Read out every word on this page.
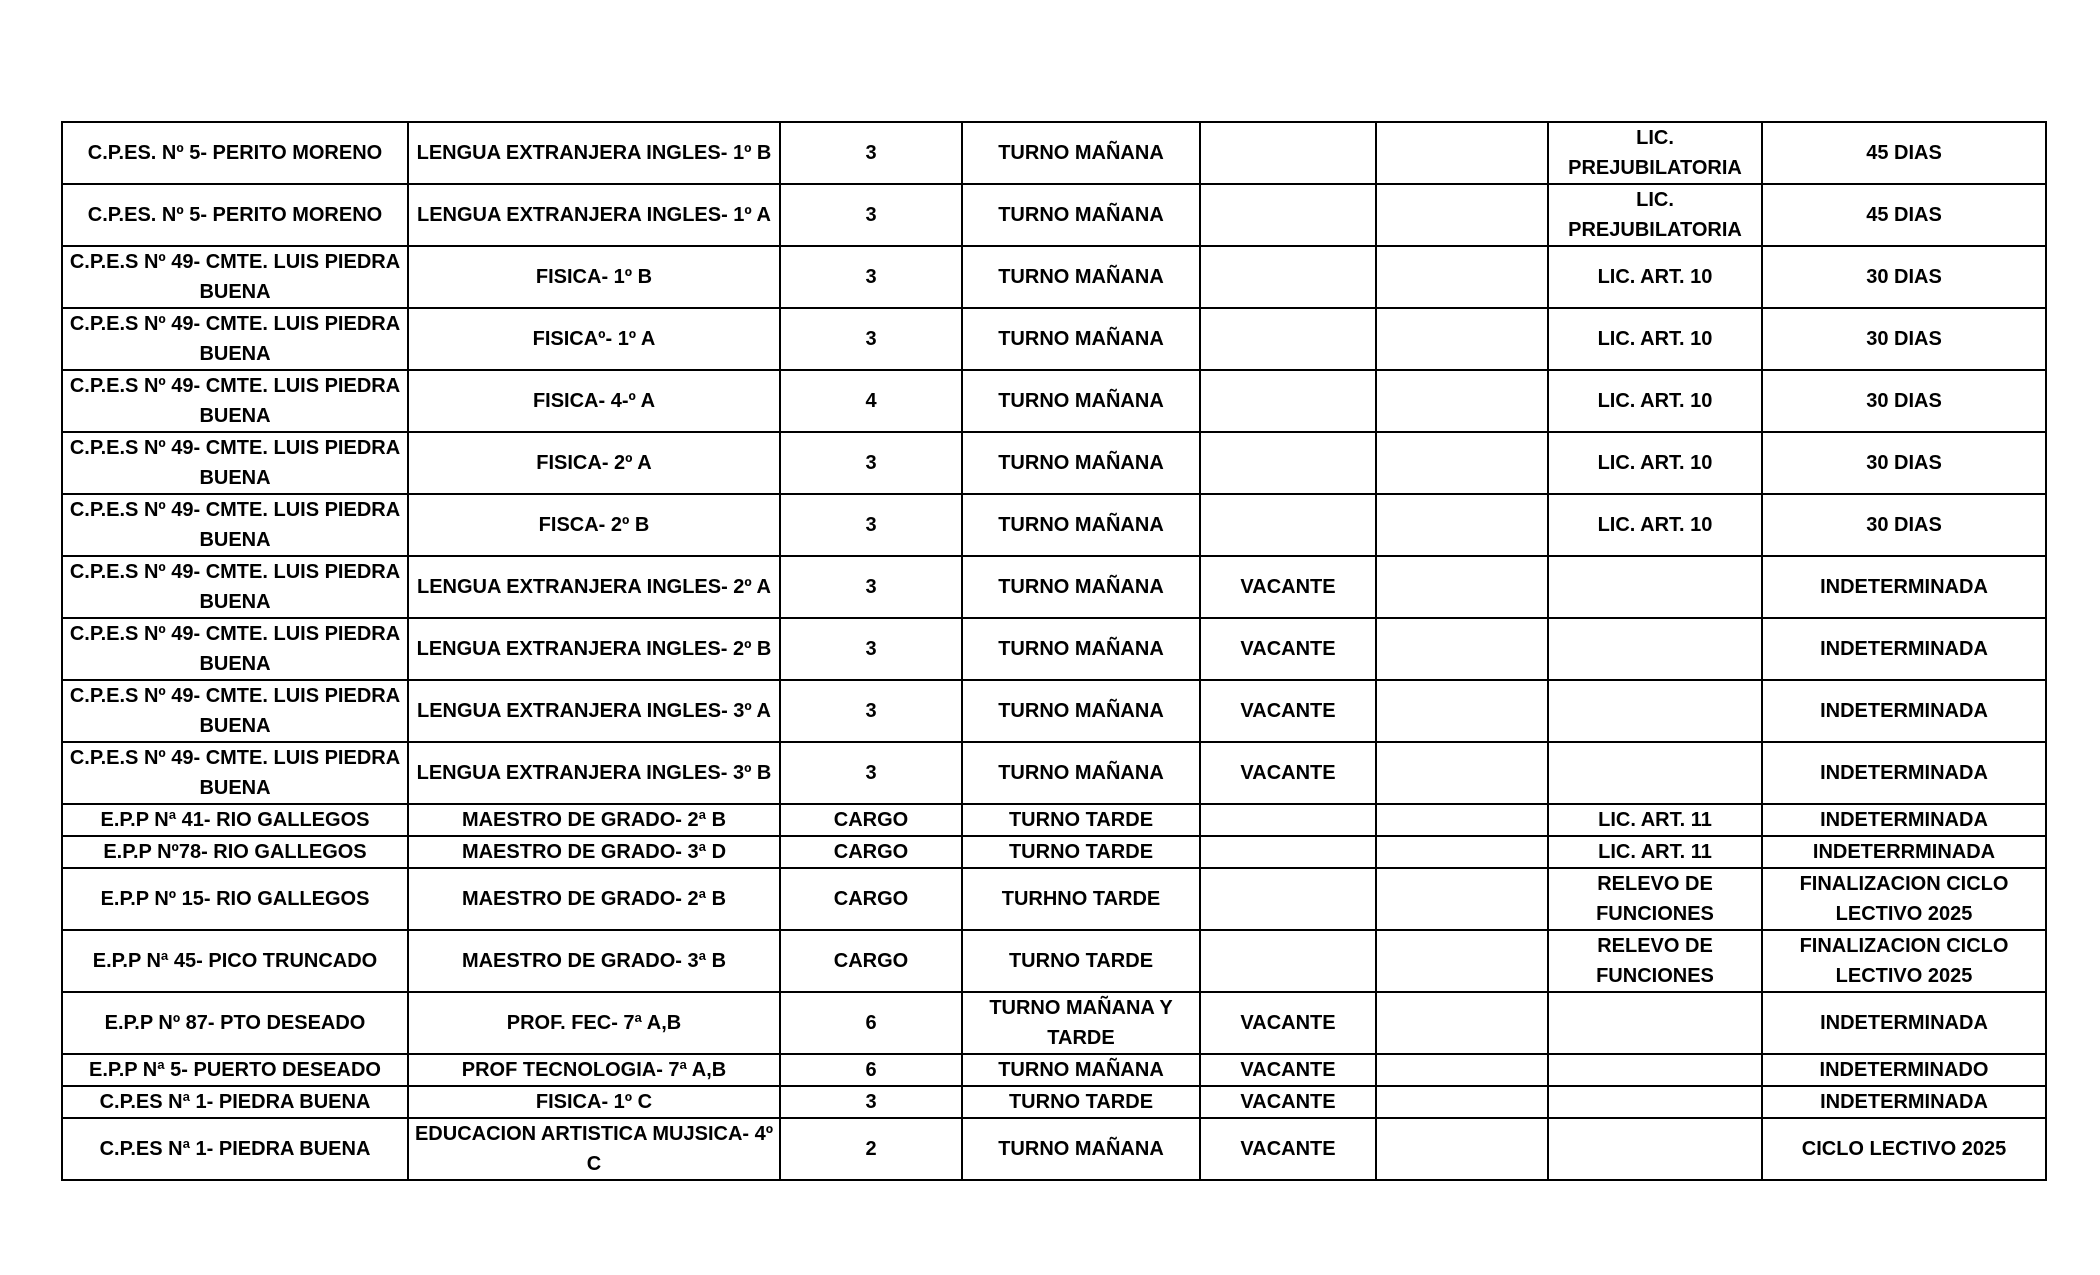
C.P.ES. Nº 5- PERITO MORENO	LENGUA EXTRANJERA INGLES- 1º B	3	TURNO MAÑANA			LIC. PREJUBILATORIA	45 DIAS
C.P.ES. Nº 5- PERITO MORENO	LENGUA EXTRANJERA INGLES- 1º A	3	TURNO MAÑANA			LIC. PREJUBILATORIA	45 DIAS
C.P.E.S Nº 49- CMTE. LUIS PIEDRA BUENA	FISICA- 1º B	3	TURNO MAÑANA			LIC. ART. 10	30 DIAS
C.P.E.S Nº 49- CMTE. LUIS PIEDRA BUENA	FISICAº- 1º A	3	TURNO MAÑANA			LIC. ART. 10	30 DIAS
C.P.E.S Nº 49- CMTE. LUIS PIEDRA BUENA	FISICA- 4-º A	4	TURNO MAÑANA			LIC. ART. 10	30 DIAS
C.P.E.S Nº 49- CMTE. LUIS PIEDRA BUENA	FISICA- 2º A	3	TURNO MAÑANA			LIC. ART. 10	30 DIAS
C.P.E.S Nº 49- CMTE. LUIS PIEDRA BUENA	FISCA- 2º B	3	TURNO MAÑANA			LIC. ART. 10	30 DIAS
C.P.E.S Nº 49- CMTE. LUIS PIEDRA BUENA	LENGUA EXTRANJERA INGLES- 2º A	3	TURNO MAÑANA	VACANTE			INDETERMINADA
C.P.E.S Nº 49- CMTE. LUIS PIEDRA BUENA	LENGUA EXTRANJERA INGLES- 2º B	3	TURNO MAÑANA	VACANTE			INDETERMINADA
C.P.E.S Nº 49- CMTE. LUIS PIEDRA BUENA	LENGUA EXTRANJERA INGLES- 3º A	3	TURNO MAÑANA	VACANTE			INDETERMINADA
C.P.E.S Nº 49- CMTE. LUIS PIEDRA BUENA	LENGUA EXTRANJERA INGLES- 3º B	3	TURNO MAÑANA	VACANTE			INDETERMINADA
E.P.P Nª 41- RIO GALLEGOS	MAESTRO DE GRADO- 2ª B	CARGO	TURNO TARDE			LIC. ART. 11	INDETERMINADA
E.P.P Nº78- RIO GALLEGOS	MAESTRO DE GRADO- 3ª D	CARGO	TURNO TARDE			LIC. ART. 11	INDETERRMINADA
E.P.P Nº 15- RIO GALLEGOS	MAESTRO DE GRADO- 2ª B	CARGO	TURHNO TARDE			RELEVO DE FUNCIONES	FINALIZACION CICLO LECTIVO 2025
E.P.P Nª 45- PICO TRUNCADO	MAESTRO DE GRADO- 3ª B	CARGO	TURNO TARDE			RELEVO DE FUNCIONES	FINALIZACION CICLO LECTIVO 2025
E.P.P Nº 87- PTO DESEADO	PROF. FEC- 7ª A,B	6	TURNO MAÑANA Y TARDE	VACANTE			INDETERMINADA
E.P.P Nª 5- PUERTO DESEADO	PROF TECNOLOGIA- 7ª A,B	6	TURNO MAÑANA	VACANTE			INDETERMINADO
C.P.ES Nª 1- PIEDRA BUENA	FISICA- 1º C	3	TURNO TARDE	VACANTE			INDETERMINADA
C.P.ES Nª 1- PIEDRA BUENA	EDUCACION ARTISTICA MUJSICA- 4º C	2	TURNO MAÑANA	VACANTE			CICLO LECTIVO 2025
